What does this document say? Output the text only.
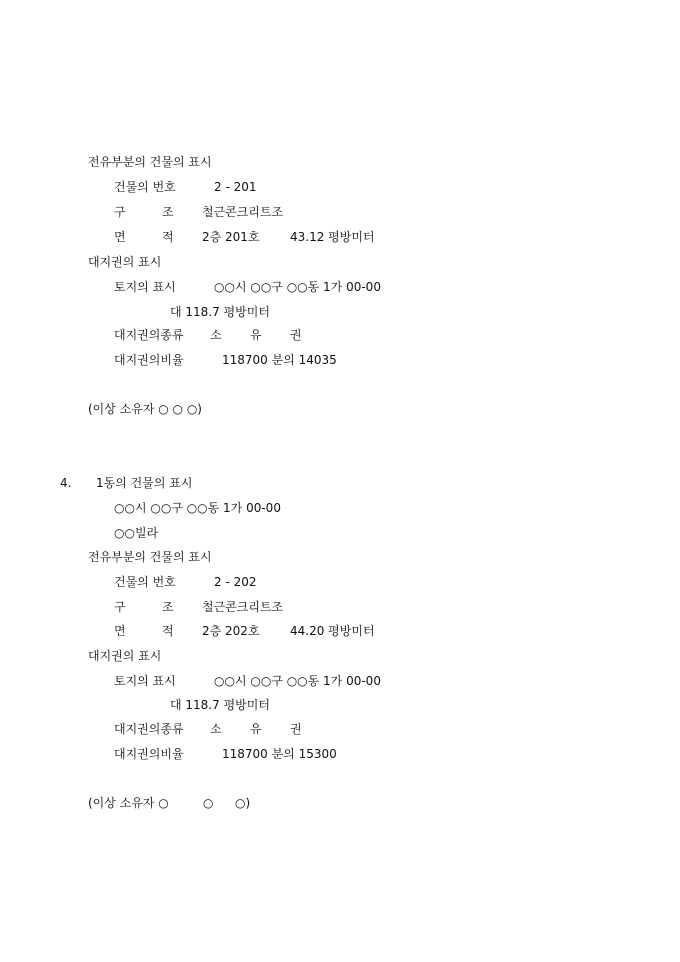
전유부분의 건물의 표시
건물의 번호	2 - 201
구	조 철근콘크리트조
면	적 2층 201호	43.12 평방미터
대지권의 표시
토지의 표시	○○시 ○○구 ○○동 1가 00-00
대 118.7 평방미터
대지권의종류 소 유 권
대지권의비율	118700 분의 14035
(이상 소유자 ○ ○ ○)
4. 1동의 건물의 표시
○○시 ○○구 ○○동 1가 00-00
○○빌라
전유부분의 건물의 표시
건물의 번호	2 - 202
구	조 철근콘크리트조
면	적 2층 202호	44.20 평방미터
대지권의 표시
토지의 표시	○○시 ○○구 ○○동 1가 00-00
대 118.7 평방미터
대지권의종류 소 유 권
대지권의비율	118700 분의 15300
(이상 소유자 ○	○ ○)
